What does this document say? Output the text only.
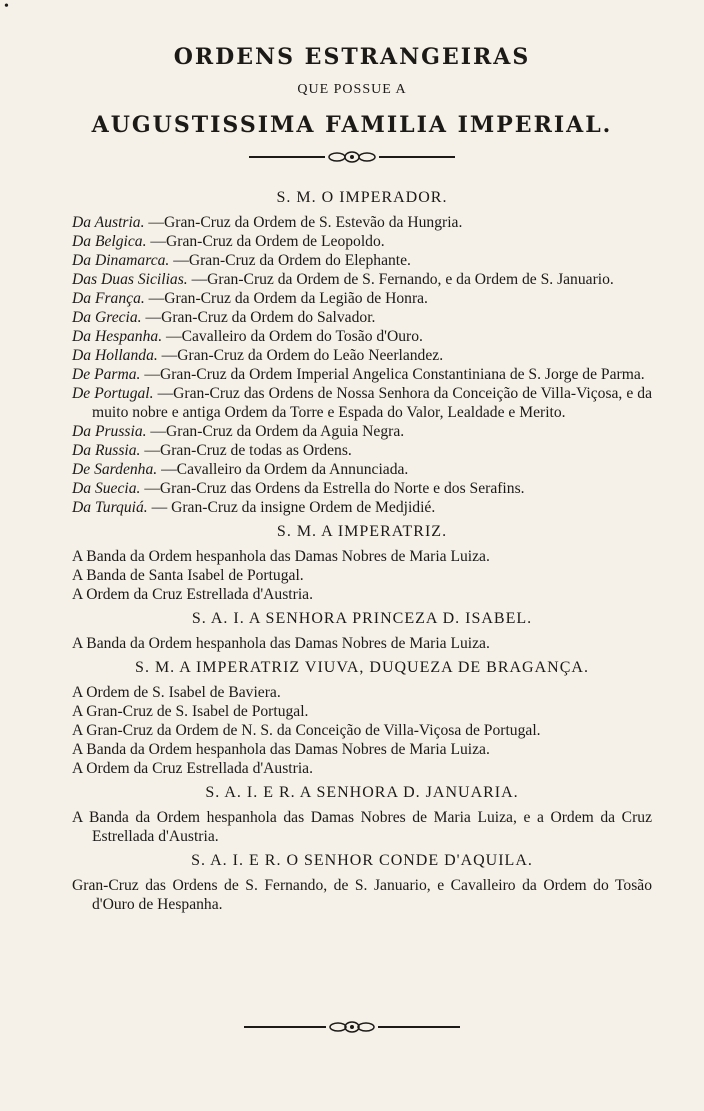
•
ORDENS ESTRANGEIRAS
QUE POSSUE A
AUGUSTISSIMA FAMILIA IMPERIAL.
S. M. O IMPERADOR.
Da Austria. —Gran-Cruz da Ordem de S. Estevão da Hungria.
Da Belgica. —Gran-Cruz da Ordem de Leopoldo.
Da Dinamarca. —Gran-Cruz da Ordem do Elephante.
Das Duas Sicilias. —Gran-Cruz da Ordem de S. Fernando, e da Ordem de S. Januario.
Da França. —Gran-Cruz da Ordem da Legião de Honra.
Da Grecia. —Gran-Cruz da Ordem do Salvador.
Da Hespanha. —Cavalleiro da Ordem do Tosão d'Ouro.
Da Hollanda. —Gran-Cruz da Ordem do Leão Neerlandez.
De Parma. —Gran-Cruz da Ordem Imperial Angelica Constantiniana de S. Jorge de Parma.
De Portugal. —Gran-Cruz das Ordens de Nossa Senhora da Conceição de Villa-Viçosa, e da muito nobre e antiga Ordem da Torre e Espada do Valor, Lealdade e Merito.
Da Prussia. —Gran-Cruz da Ordem da Aguia Negra.
Da Russia. —Gran-Cruz de todas as Ordens.
De Sardenha. —Cavalleiro da Ordem da Annunciada.
Da Suecia. —Gran-Cruz das Ordens da Estrella do Norte e dos Serafins.
Da Turquiá. — Gran-Cruz da insigne Ordem de Medjidié.
S. M. A IMPERATRIZ.
A Banda da Ordem hespanhola das Damas Nobres de Maria Luiza.
A Banda de Santa Isabel de Portugal.
A Ordem da Cruz Estrellada d'Austria.
S. A. I. A SENHORA PRINCEZA D. ISABEL.
A Banda da Ordem hespanhola das Damas Nobres de Maria Luiza.
S. M. A IMPERATRIZ VIUVA, DUQUEZA DE BRAGANÇA.
A Ordem de S. Isabel de Baviera.
A Gran-Cruz de S. Isabel de Portugal.
A Gran-Cruz da Ordem de N. S. da Conceição de Villa-Viçosa de Portugal.
A Banda da Ordem hespanhola das Damas Nobres de Maria Luiza.
A Ordem da Cruz Estrellada d'Austria.
S. A. I. E R. A SENHORA D. JANUARIA.
A Banda da Ordem hespanhola das Damas Nobres de Maria Luiza, e a Ordem da Cruz Estrellada d'Austria.
S. A. I. E R. O SENHOR CONDE D'AQUILA.
Gran-Cruz das Ordens de S. Fernando, de S. Januario, e Cavalleiro da Ordem do Tosão d'Ouro de Hespanha.
